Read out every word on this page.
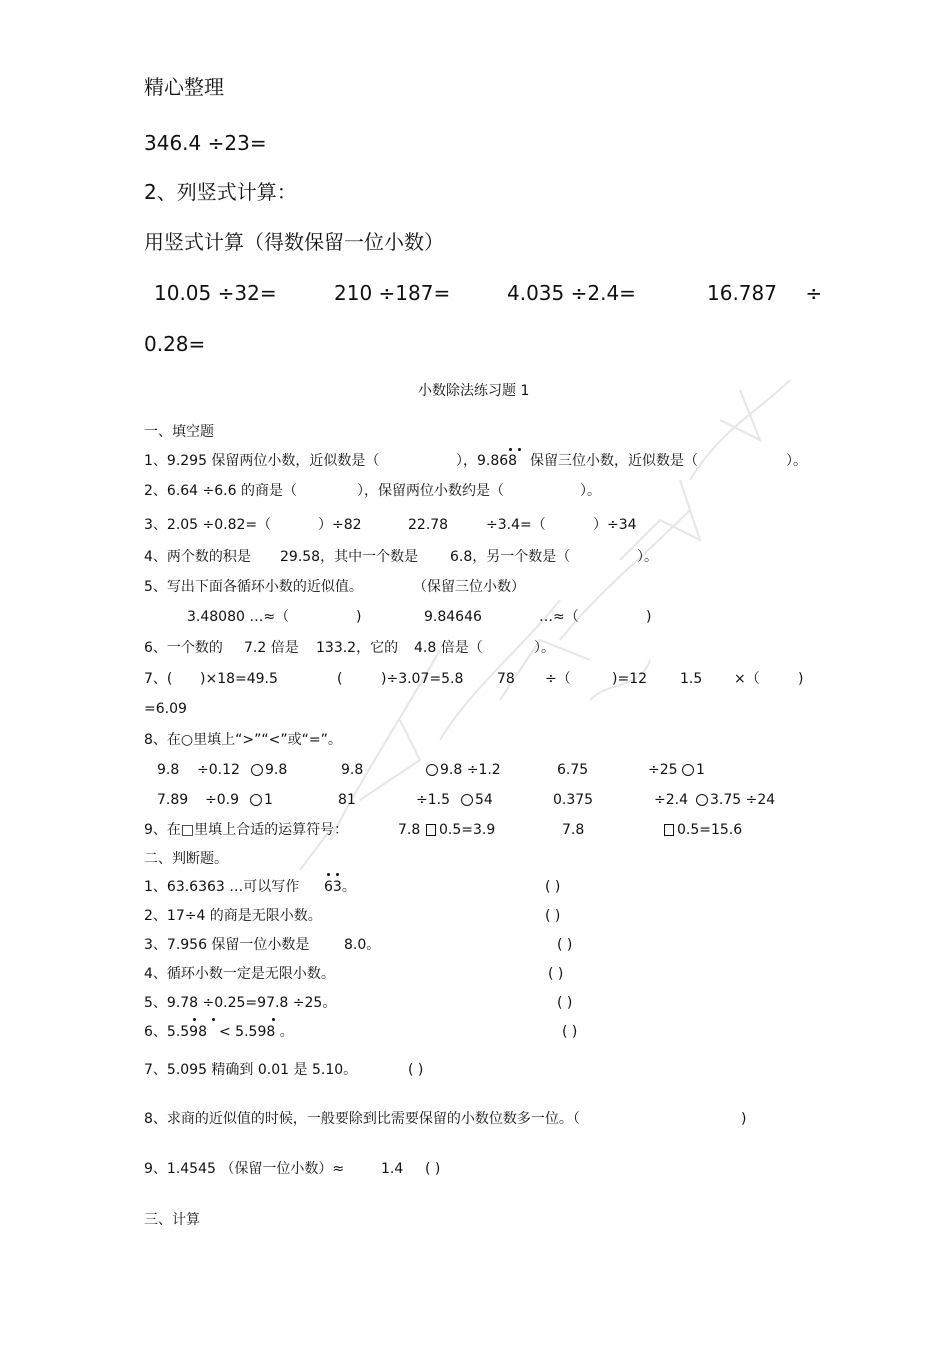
精心整理
346.4 ÷23=
2、列竖式计算：
用竖式计算（得数保留一位小数）
10.05 ÷32=	210 ÷187=	4.035 ÷2.4=	16.787 ÷
0.28=
小数除法练习题 1
一、填空题
1、9.295 保留两位小数，近似数是（	），9.868 保留三位小数，近似数是（	）。
2、6.64 ÷6.6 的商是（	），保留两位小数约是（	）。
3、2.05 ÷0.82=（	）÷82	22.78	÷3.4=（	）÷34
4、两个数的积是 29.58，其中一个数是 6.8，另一个数是（	）。
5、写出下面各循环小数的近似值。	（保留三位小数）
3.48080 …≈（	)	9.84646	…≈（	)
6、一个数的 7.2 倍是 133.2，它的 4.8 倍是（	）。
7、( )×18=49.5	(	)÷3.07=5.8 78 ÷（	)=12 1.5 ×（	)
=6.09
8、在○里填上“>”“<”或“=”。
9.8 ÷0.12 9.8	9.8	9.8 ÷1.2	6.75	÷25 1
7.89 ÷0.9 1	81	÷1.5 54	0.375	÷2.4 3.75 ÷24
9、在□里填上合适的运算符号：	7.8 0.5=3.9	7.8	0.5=15.6
二、判断题。
1、63.6363 …可以写作 63。	( )
2、17÷4 的商是无限小数。	( )
3、7.956 保留一位小数是 8.0。	( )
4、循环小数一定是无限小数。	( )
5、9.78 ÷0.25=97.8 ÷25。	( )
6、5.598 < 5.598 。	( )
7、5.095 精确到 0.01 是 5.10。	( )
8、求商的近似值的时候，一般要除到比需要保留的小数位数多一位。（	)
9、1.4545 （保留一位小数）≈	1.4 ( )
三、计算
